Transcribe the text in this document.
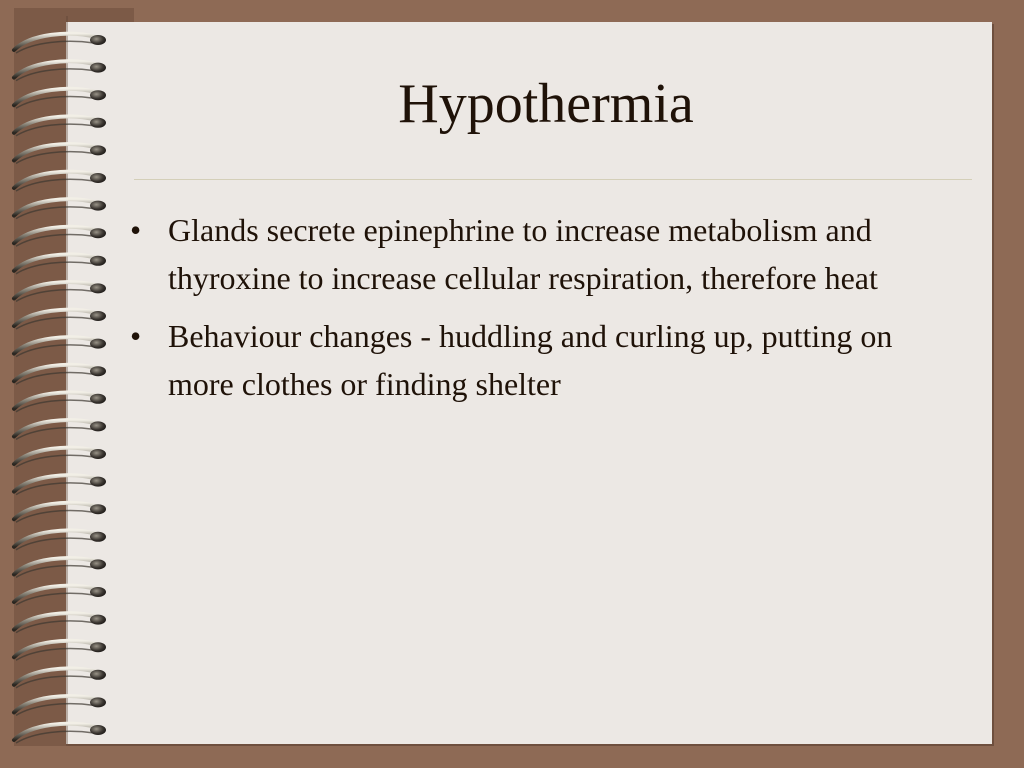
Hypothermia
• Glands secrete epinephrine to increase metabolism and thyroxine to increase cellular respiration, therefore heat
• Behaviour changes - huddling and curling up, putting on more clothes or finding shelter
